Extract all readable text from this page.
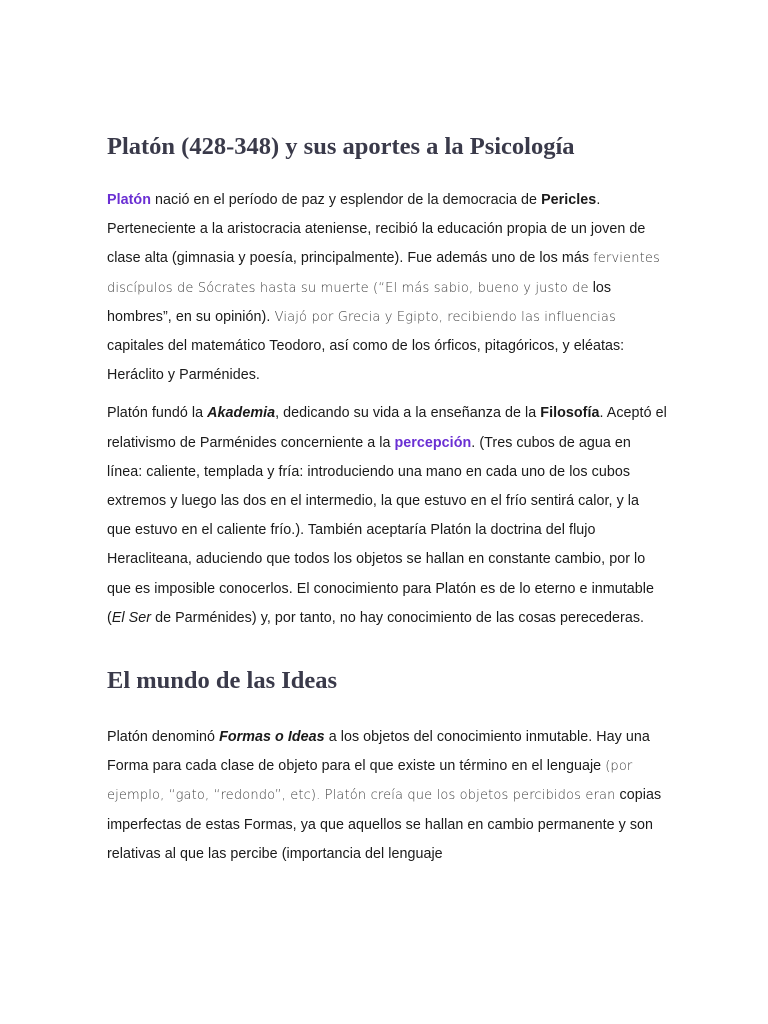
Platón (428-348) y sus aportes a la Psicología

Platón nació en el período de paz y esplendor de la democracia de Pericles. Perteneciente a la aristocracia ateniense, recibió la educación propia de un joven de clase alta (gimnasia y poesía, principalmente). Fue además uno de los más fervientes discípulos de Sócrates hasta su muerte (“El más sabio, bueno y justo de los hombres”, en su opinión). Viajó por Grecia y Egipto, recibiendo las influencias capitales del matemático Teodoro, así como de los órficos, pitagóricos, y eléatas: Heráclito y Parménides.

Platón fundó la Akademia, dedicando su vida a la enseñanza de la Filosofía. Aceptó el relativismo de Parménides concerniente a la percepción. (Tres cubos de agua en línea: caliente, templada y fría: introduciendo una mano en cada uno de los cubos extremos y luego las dos en el intermedio, la que estuvo en el frío sentirá calor, y la que estuvo en el caliente frío.). También aceptaría Platón la doctrina del flujo Heracliteana, aduciendo que todos los objetos se hallan en constante cambio, por lo que es imposible conocerlos. El conocimiento para Platón es de lo eterno e inmutable (El Ser de Parménides) y, por tanto, no hay conocimiento de las cosas perecederas.

El mundo de las Ideas

Platón denominó Formas o Ideas a los objetos del conocimiento inmutable. Hay una Forma para cada clase de objeto para el que existe un término en el lenguaje (por ejemplo, “gato, “redondo”, etc). Platón creía que los objetos percibidos eran copias imperfectas de estas Formas, ya que aquellos se hallan en cambio permanente y son relativas al que las percibe (importancia del lenguaje
